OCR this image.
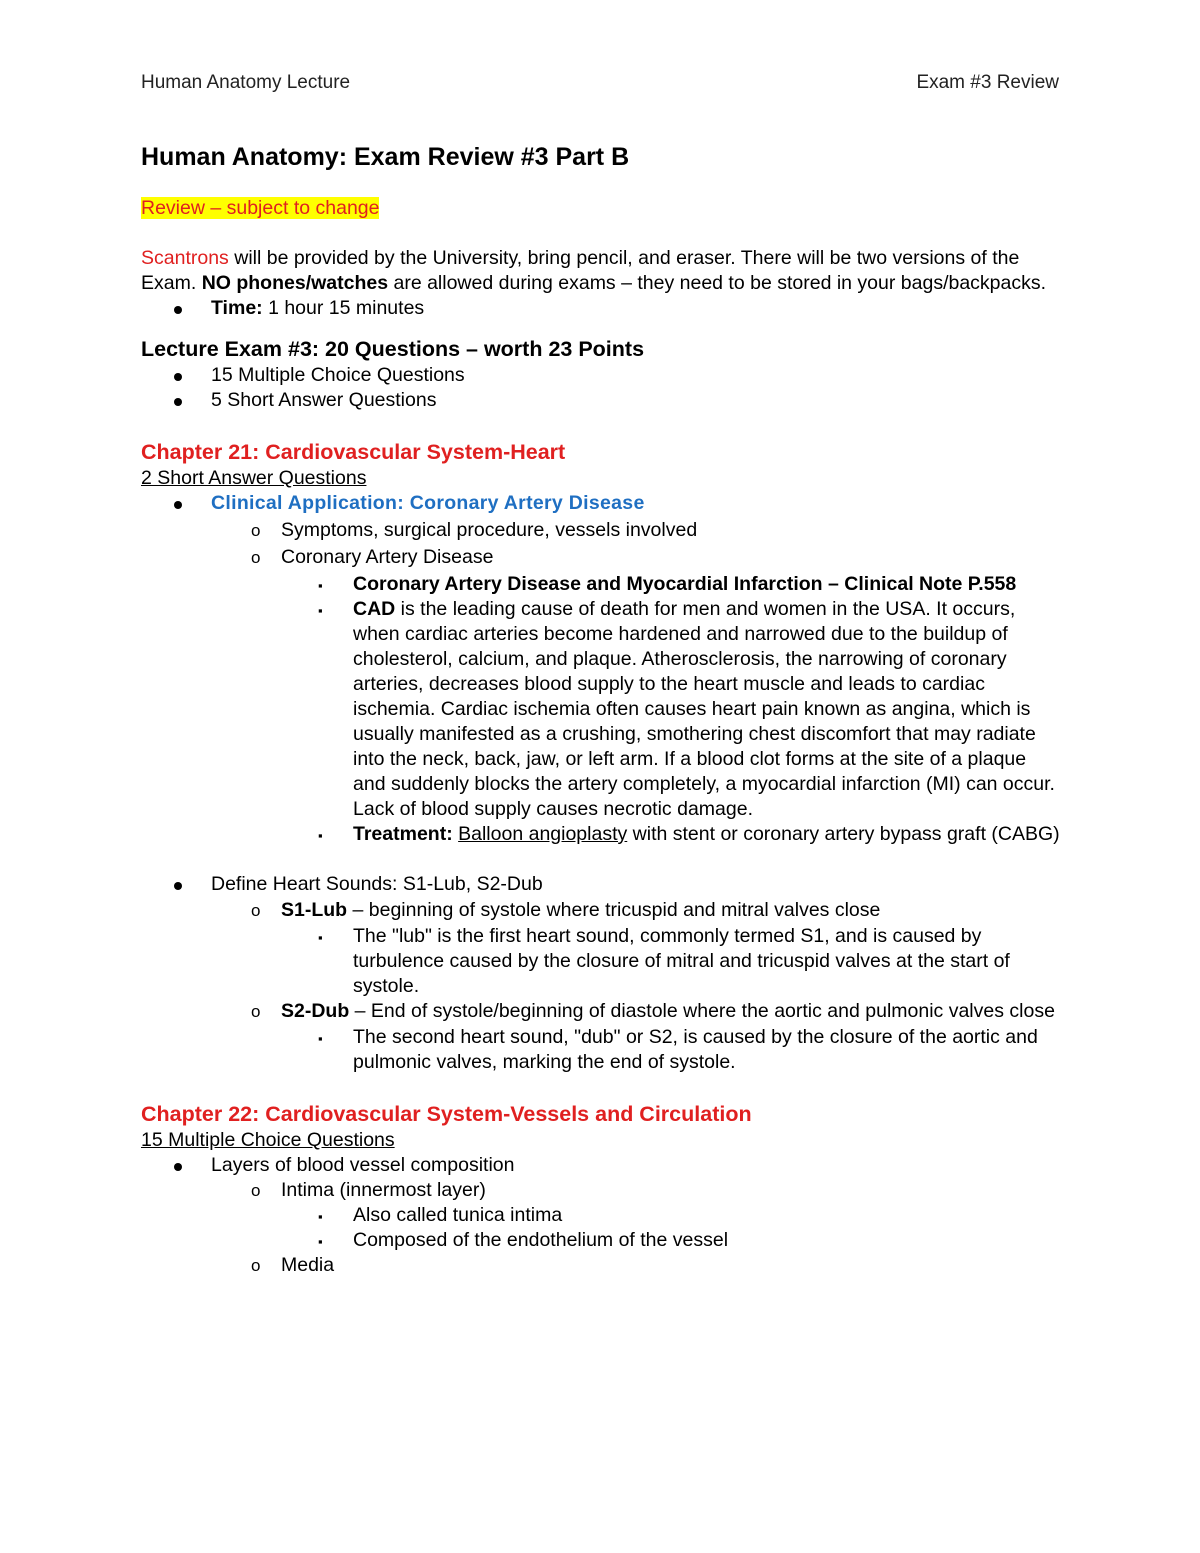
Human Anatomy Lecture	Exam #3 Review
Human Anatomy: Exam Review #3 Part B

Review – subject to change

Scantrons will be provided by the University, bring pencil, and eraser. There will be two versions of the Exam. NO phones/watches are allowed during exams – they need to be stored in your bags/backpacks.

Time: 1 hour 15 minutes
Lecture Exam #3: 20 Questions – worth 23 Points
15 Multiple Choice Questions
5 Short Answer Questions
Chapter 21: Cardiovascular System-Heart
2 Short Answer Questions
Clinical Application: Coronary Artery Disease
o Symptoms, surgical procedure, vessels involved
o Coronary Artery Disease
▪ Coronary Artery Disease and Myocardial Infarction – Clinical Note P.558
▪ CAD is the leading cause of death for men and women in the USA. It occurs, when cardiac arteries become hardened and narrowed due to the buildup of cholesterol, calcium, and plaque. Atherosclerosis, the narrowing of coronary arteries, decreases blood supply to the heart muscle and leads to cardiac ischemia. Cardiac ischemia often causes heart pain known as angina, which is usually manifested as a crushing, smothering chest discomfort that may radiate into the neck, back, jaw, or left arm. If a blood clot forms at the site of a plaque and suddenly blocks the artery completely, a myocardial infarction (MI) can occur. Lack of blood supply causes necrotic damage.
▪ Treatment: Balloon angioplasty with stent or coronary artery bypass graft (CABG)
Define Heart Sounds: S1-Lub, S2-Dub
o S1-Lub – beginning of systole where tricuspid and mitral valves close
▪ The "lub" is the first heart sound, commonly termed S1, and is caused by turbulence caused by the closure of mitral and tricuspid valves at the start of systole.
o S2-Dub – End of systole/beginning of diastole where the aortic and pulmonic valves close
▪ The second heart sound, "dub" or S2, is caused by the closure of the aortic and pulmonic valves, marking the end of systole.
Chapter 22: Cardiovascular System-Vessels and Circulation
15 Multiple Choice Questions
Layers of blood vessel composition
o Intima (innermost layer)
▪ Also called tunica intima
▪ Composed of the endothelium of the vessel
o Media
